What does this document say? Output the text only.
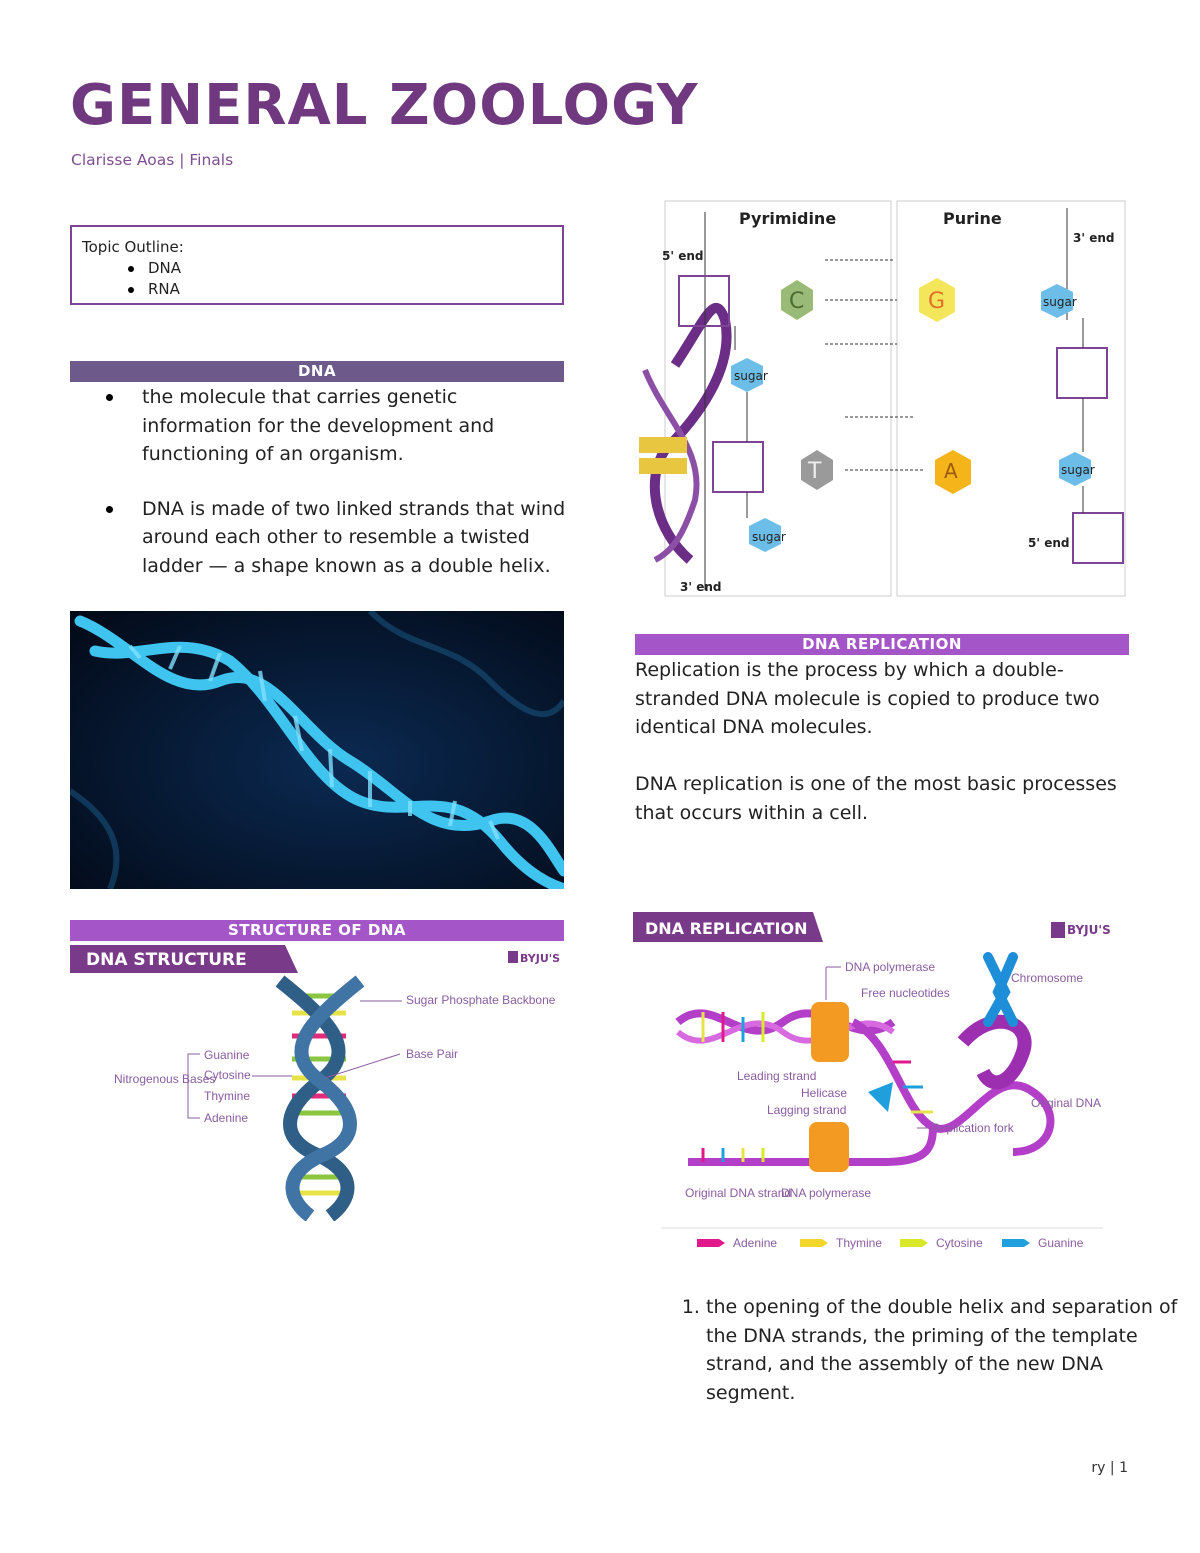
GENERAL ZOOLOGY
Clarisse Aoas | Finals
Topic Outline:
DNA
RNA
DNA
the molecule that carries genetic information for the development and functioning of an organism.
DNA is made of two linked strands that wind around each other to resemble a twisted ladder — a shape known as a double helix.
STRUCTURE OF DNA
DNA STRUCTURE	BYJU'S
Sugar Phosphate Backbone
Base Pair
Nitrogenous Bases
Guanine
Cytosine
Thymine
Adenine
Pyrimidine	Purine
5' end
3' end
3' end
5' end
C	G
T	A
sugar
sugar
sugar
sugar
DNA REPLICATION
Replication is the process by which a double-stranded DNA molecule is copied to produce two identical DNA molecules.
DNA replication is one of the most basic processes that occurs within a cell.
DNA REPLICATION	BYJU'S
DNA polymerase
Free nucleotides
Chromosome
Leading strand
Helicase
Lagging strand	Original DNA
Replication fork
Original DNA strand
DNA polymerase
Adenine	Thymine	Cytosine	Guanine
1. the opening of the double helix and separation of the DNA strands, the priming of the template strand, and the assembly of the new DNA segment.
ry | 1
